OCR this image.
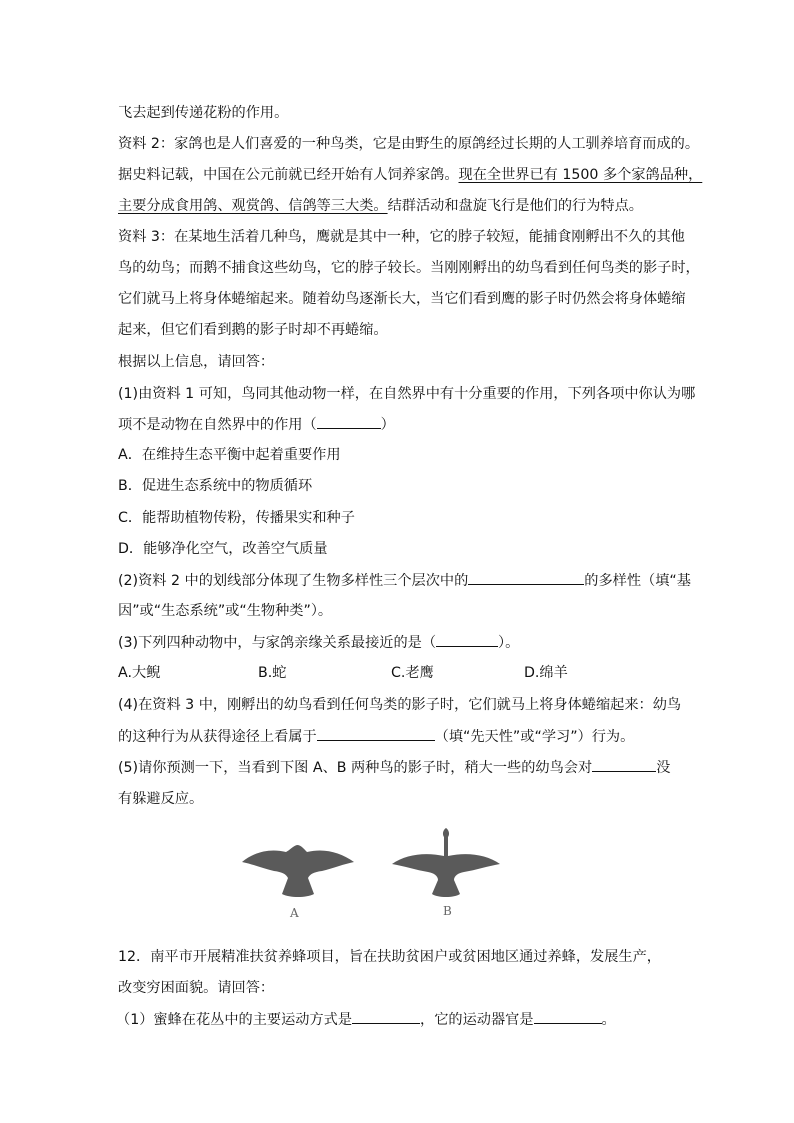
飞去起到传递花粉的作用。
资料 2：家鸽也是人们喜爱的一种鸟类，它是由野生的原鸽经过长期的人工驯养培育而成的。
据史料记载，中国在公元前就已经开始有人饲养家鸽。现在全世界已有 1500 多个家鸽品种，
主要分成食用鸽、观赏鸽、信鸽等三大类。结群活动和盘旋飞行是他们的行为特点。
资料 3：在某地生活着几种鸟，鹰就是其中一种，它的脖子较短，能捕食刚孵出不久的其他
鸟的幼鸟；而鹅不捕食这些幼鸟，它的脖子较长。当刚刚孵出的幼鸟看到任何鸟类的影子时，
它们就马上将身体蜷缩起来。随着幼鸟逐渐长大，当它们看到鹰的影子时仍然会将身体蜷缩
起来，但它们看到鹅的影子时却不再蜷缩。
根据以上信息，请回答：
(1)由资料 1 可知，鸟同其他动物一样，在自然界中有十分重要的作用，下列各项中你认为哪
项不是动物在自然界中的作用（	）
A．在维持生态平衡中起着重要作用
B．促进生态系统中的物质循环
C．能帮助植物传粉，传播果实和种子
D．能够净化空气，改善空气质量
(2)资料 2 中的划线部分体现了生物多样性三个层次中的	的多样性（填“基
因”或“生态系统”或“生物种类”）。
(3)下列四种动物中，与家鸽亲缘关系最接近的是（	）。
A.大鲵	B.蛇	C.老鹰	D.绵羊
(4)在资料 3 中，刚孵出的幼鸟看到任何鸟类的影子时，它们就马上将身体蜷缩起来：幼鸟
的这种行为从获得途径上看属于	（填“先天性”或“学习”）行为。
(5)请你预测一下，当看到下图 A、B 两种鸟的影子时，稍大一些的幼鸟会对	没
有躲避反应。
A	B
12．南平市开展精准扶贫养蜂项目，旨在扶助贫困户或贫困地区通过养蜂，发展生产，
改变穷困面貌。请回答：
（1）蜜蜂在花丛中的主要运动方式是	，它的运动器官是	。
